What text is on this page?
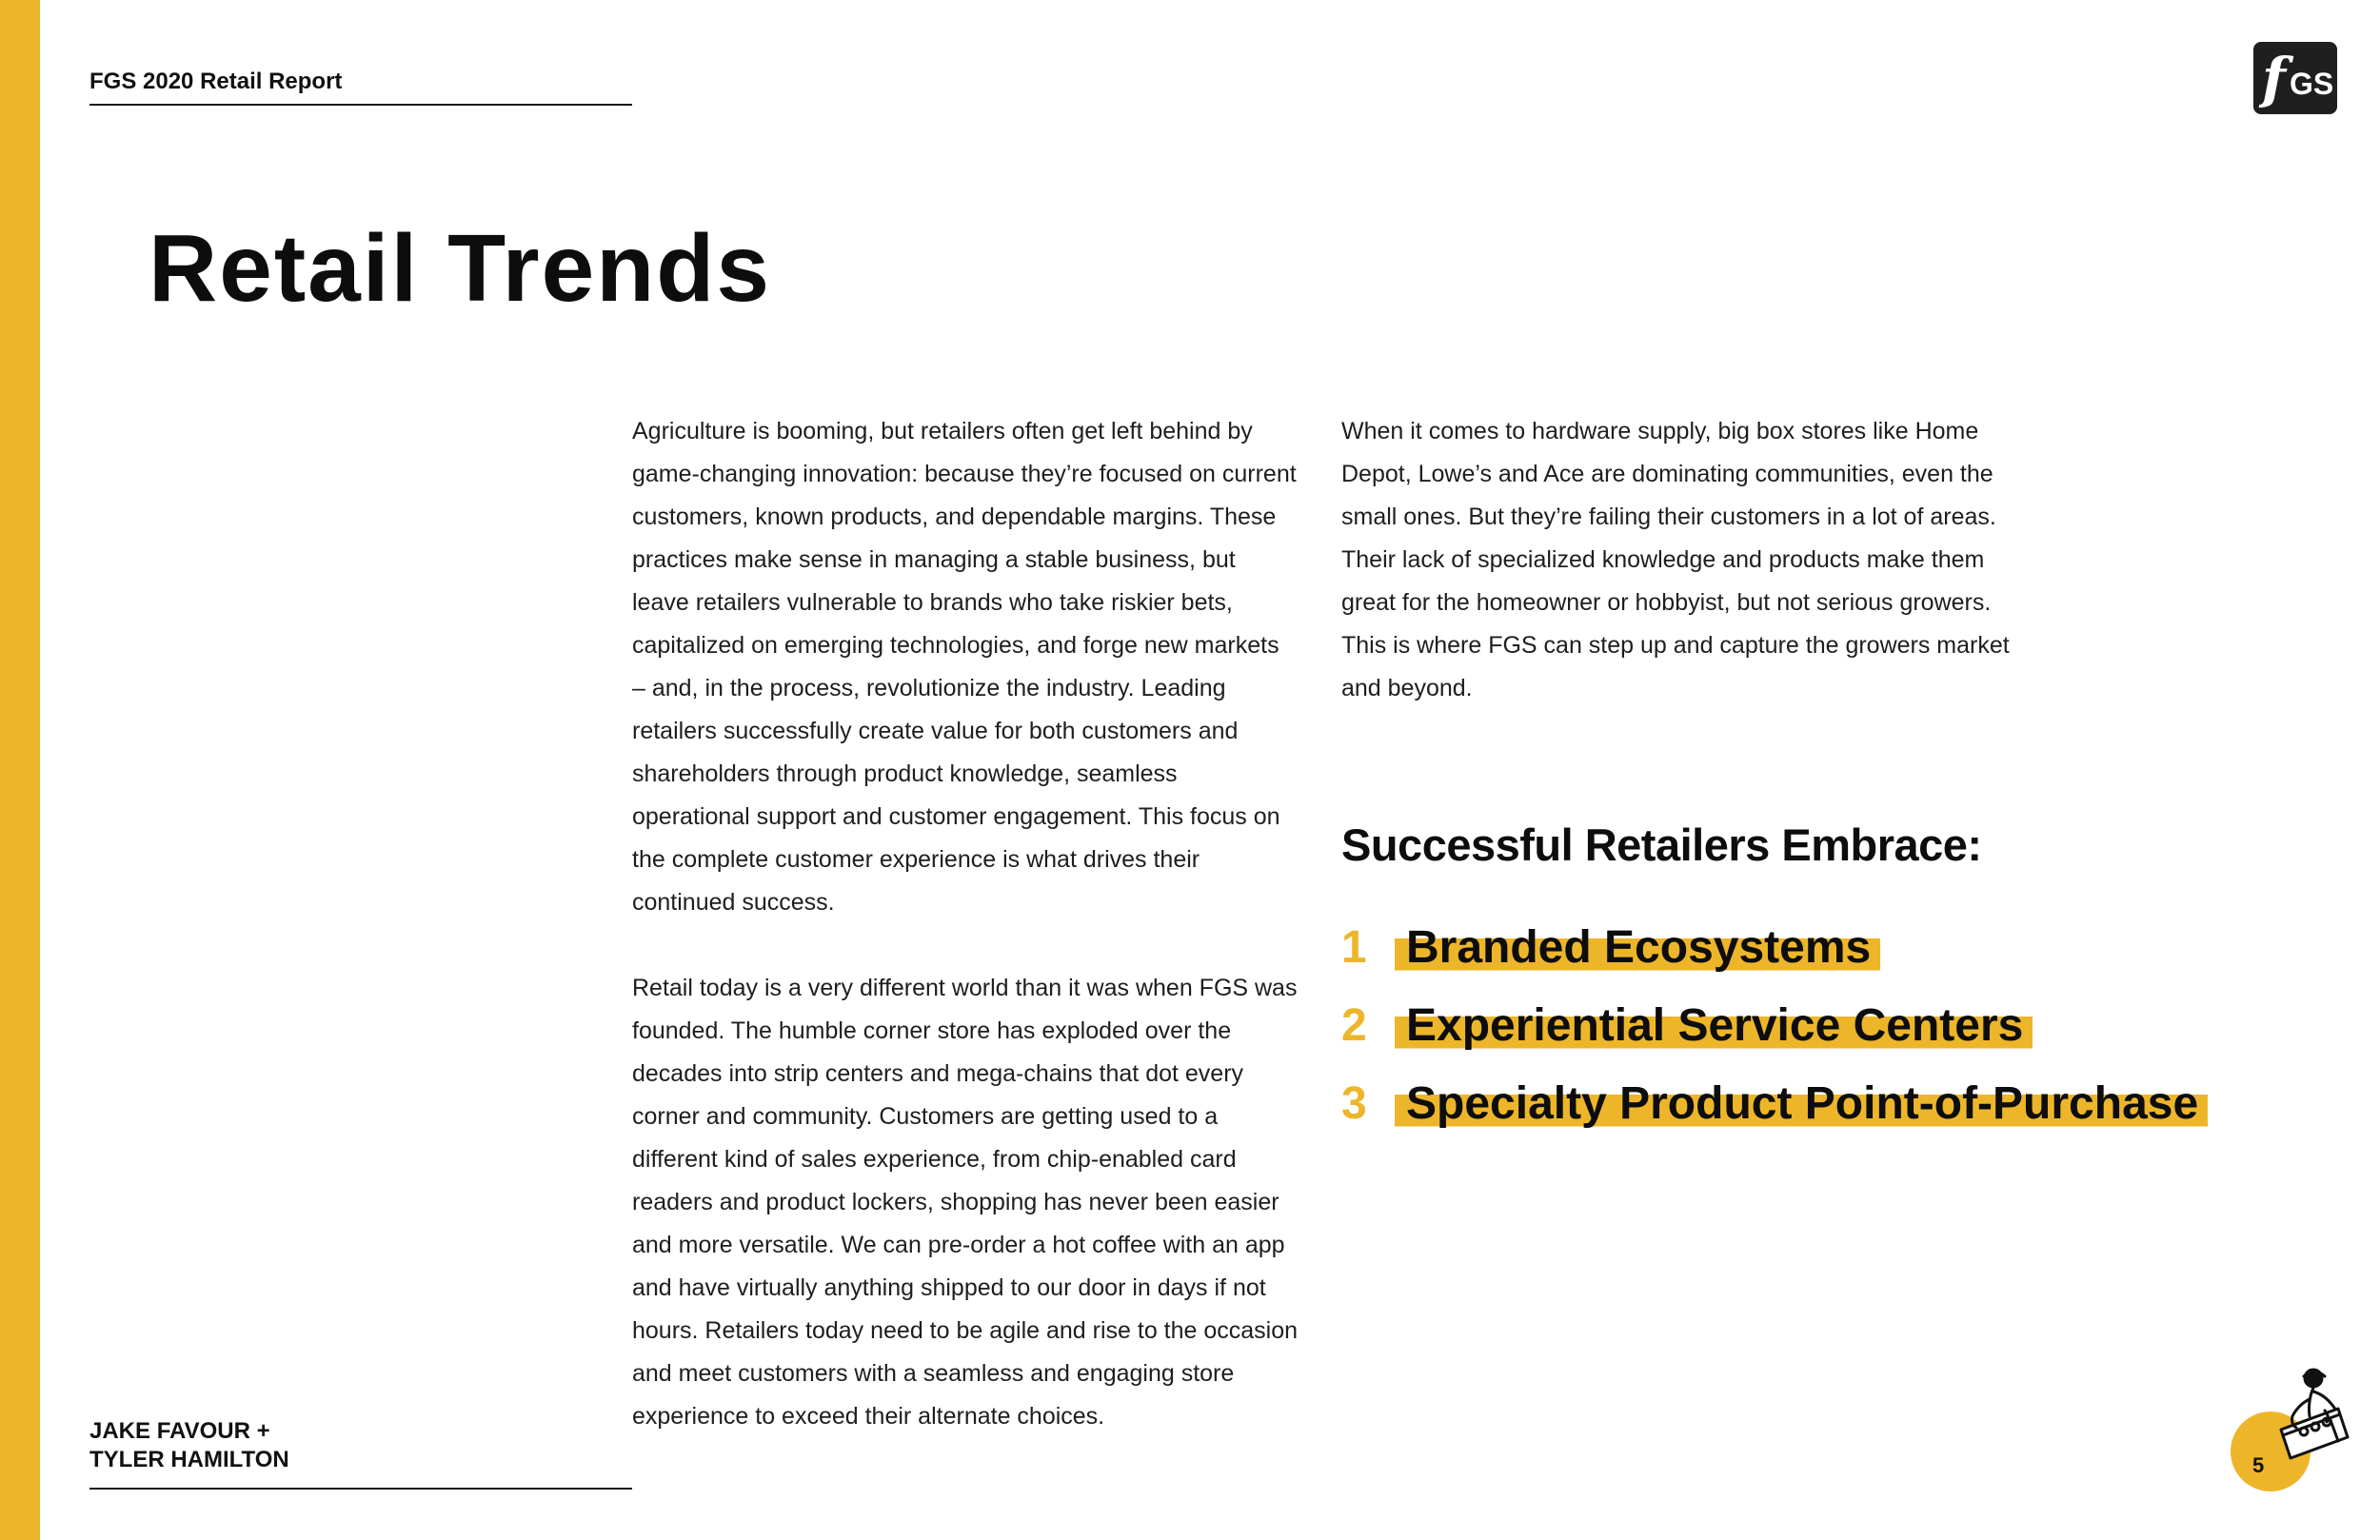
FGS 2020 Retail Report	f GS
Retail Trends

Agriculture is booming, but retailers often get left behind by game-changing innovation: because they’re focused on current customers, known products, and dependable margins. These practices make sense in managing a stable business, but leave retailers vulnerable to brands who take riskier bets, capitalized on emerging technologies, and forge new markets – and, in the process, revolutionize the industry. Leading retailers successfully create value for both customers and shareholders through product knowledge, seamless operational support and customer engagement. This focus on the complete customer experience is what drives their continued success.

Retail today is a very different world than it was when FGS was founded. The humble corner store has exploded over the decades into strip centers and mega-chains that dot every corner and community. Customers are getting used to a different kind of sales experience, from chip-enabled card readers and product lockers, shopping has never been easier and more versatile. We can pre-order a hot coffee with an app and have virtually anything shipped to our door in days if not hours. Retailers today need to be agile and rise to the occasion and meet customers with a seamless and engaging store experience to exceed their alternate choices.

When it comes to hardware supply, big box stores like Home Depot, Lowe’s and Ace are dominating communities, even the small ones. But they’re failing their customers in a lot of areas. Their lack of specialized knowledge and products make them great for the homeowner or hobbyist, but not serious growers. This is where FGS can step up and capture the growers market and beyond.

Successful Retailers Embrace:
1 Branded Ecosystems
2 Experiential Service Centers
3 Specialty Product Point-of-Purchase
JAKE FAVOUR +
TYLER HAMILTON	5
